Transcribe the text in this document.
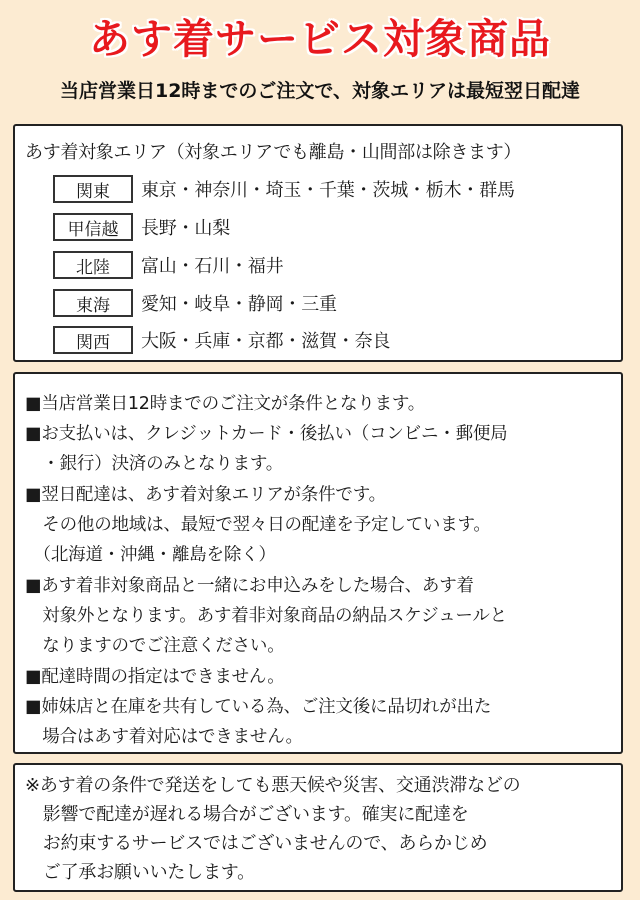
あす着サービス対象商品
当店営業日12時までのご注文で、対象エリアは最短翌日配達
あす着対象エリア（対象エリアでも離島・山間部は除きます）
関東	東京・神奈川・埼玉・千葉・茨城・栃木・群馬
甲信越	長野・山梨
北陸	富山・石川・福井
東海	愛知・岐阜・静岡・三重
関西	大阪・兵庫・京都・滋賀・奈良
■当店営業日12時までのご注文が条件となります。
■お支払いは、クレジットカード・後払い（コンビニ・郵便局
　・銀行）決済のみとなります。
■翌日配達は、あす着対象エリアが条件です。
　その他の地域は、最短で翌々日の配達を予定しています。
　（北海道・沖縄・離島を除く）
■あす着非対象商品と一緒にお申込みをした場合、あす着
　対象外となります。あす着非対象商品の納品スケジュールと
　なりますのでご注意ください。
■配達時間の指定はできません。
■姉妹店と在庫を共有している為、ご注文後に品切れが出た
　場合はあす着対応はできません。
※あす着の条件で発送をしても悪天候や災害、交通渋滞などの
　影響で配達が遅れる場合がございます。確実に配達を
　お約束するサービスではございませんので、あらかじめ
　ご了承お願いいたします。
